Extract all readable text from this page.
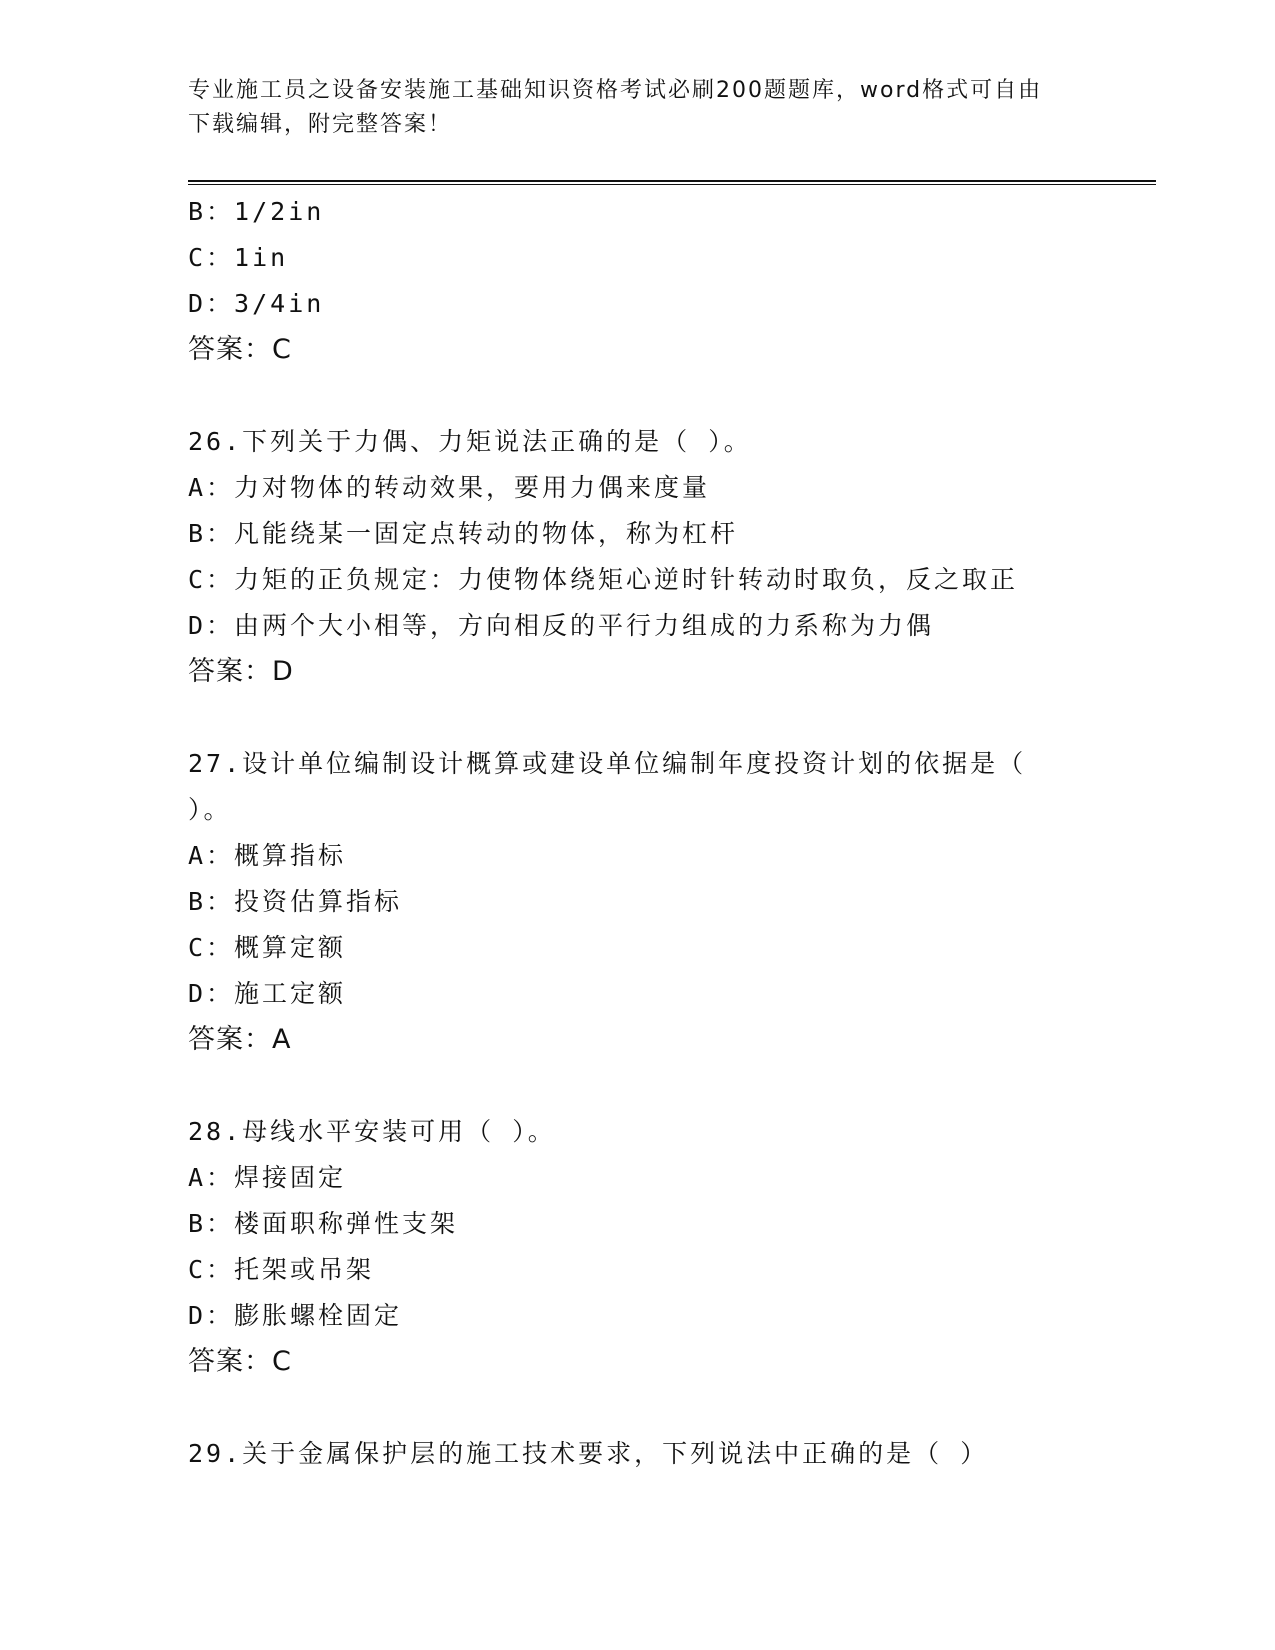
专业施工员之设备安装施工基础知识资格考试必刷200题题库，word格式可自由
下载编辑，附完整答案！
B：1/2in
C：1in
D：3/4in
答案：C
26.下列关于力偶、力矩说法正确的是（ ）。
A：力对物体的转动效果，要用力偶来度量
B：凡能绕某一固定点转动的物体，称为杠杆
C：力矩的正负规定：力使物体绕矩心逆时针转动时取负，反之取正
D：由两个大小相等，方向相反的平行力组成的力系称为力偶
答案：D
27.设计单位编制设计概算或建设单位编制年度投资计划的依据是（
）。
A：概算指标
B：投资估算指标
C：概算定额
D：施工定额
答案：A
28.母线水平安装可用（ ）。
A：焊接固定
B：楼面职称弹性支架
C：托架或吊架
D：膨胀螺栓固定
答案：C
29.关于金属保护层的施工技术要求，下列说法中正确的是（ ）
